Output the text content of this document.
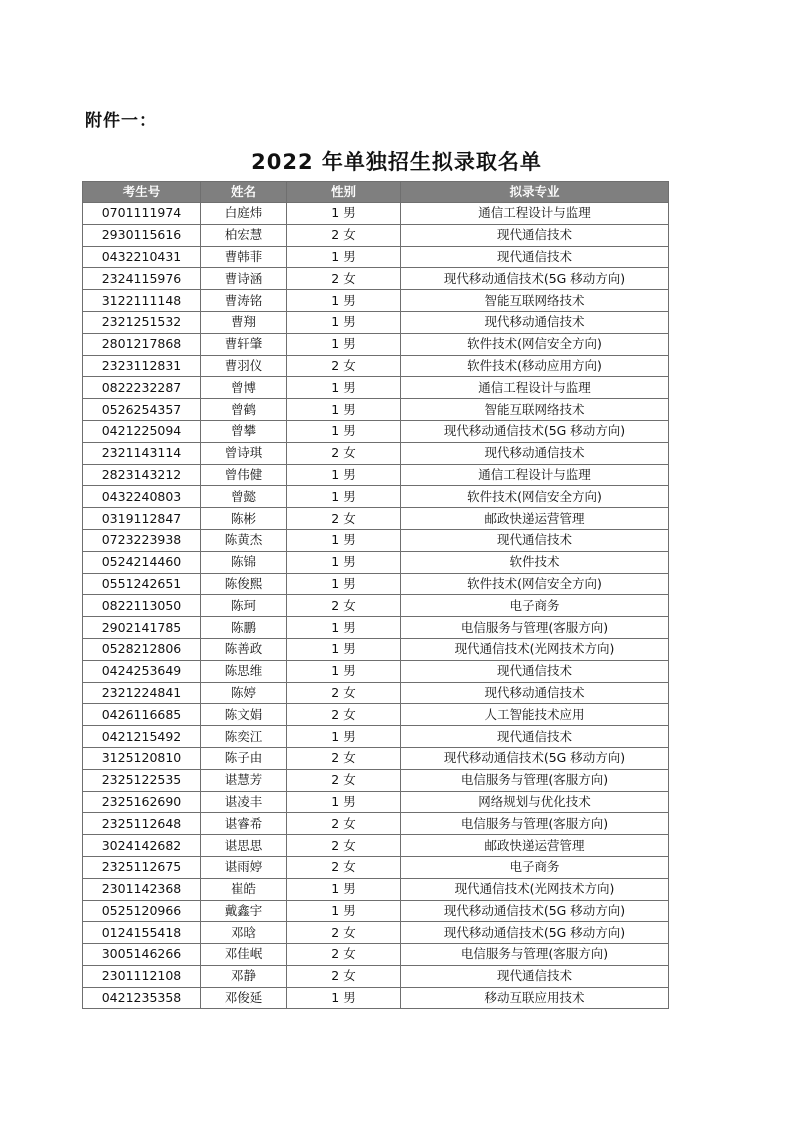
附件一：
2022 年单独招生拟录取名单
考生号	姓名	性别	拟录专业
0701111974	白庭炜	1 男	通信工程设计与监理
2930115616	柏宏慧	2 女	现代通信技术
0432210431	曹韩菲	1 男	现代通信技术
2324115976	曹诗涵	2 女	现代移动通信技术(5G 移动方向)
3122111148	曹涛铭	1 男	智能互联网络技术
2321251532	曹翔	1 男	现代移动通信技术
2801217868	曹轩肇	1 男	软件技术(网信安全方向)
2323112831	曹羽仪	2 女	软件技术(移动应用方向)
0822232287	曾博	1 男	通信工程设计与监理
0526254357	曾鹤	1 男	智能互联网络技术
0421225094	曾攀	1 男	现代移动通信技术(5G 移动方向)
2321143114	曾诗琪	2 女	现代移动通信技术
2823143212	曾伟健	1 男	通信工程设计与监理
0432240803	曾懿	1 男	软件技术(网信安全方向)
0319112847	陈彬	2 女	邮政快递运营管理
0723223938	陈黄杰	1 男	现代通信技术
0524214460	陈锦	1 男	软件技术
0551242651	陈俊熙	1 男	软件技术(网信安全方向)
0822113050	陈珂	2 女	电子商务
2902141785	陈鹏	1 男	电信服务与管理(客服方向)
0528212806	陈善政	1 男	现代通信技术(光网技术方向)
0424253649	陈思维	1 男	现代通信技术
2321224841	陈婷	2 女	现代移动通信技术
0426116685	陈文娟	2 女	人工智能技术应用
0421215492	陈奕江	1 男	现代通信技术
3125120810	陈子由	2 女	现代移动通信技术(5G 移动方向)
2325122535	谌慧芳	2 女	电信服务与管理(客服方向)
2325162690	谌凌丰	1 男	网络规划与优化技术
2325112648	谌睿希	2 女	电信服务与管理(客服方向)
3024142682	谌思思	2 女	邮政快递运营管理
2325112675	谌雨婷	2 女	电子商务
2301142368	崔皓	1 男	现代通信技术(光网技术方向)
0525120966	戴鑫宇	1 男	现代移动通信技术(5G 移动方向)
0124155418	邓晗	2 女	现代移动通信技术(5G 移动方向)
3005146266	邓佳岷	2 女	电信服务与管理(客服方向)
2301112108	邓静	2 女	现代通信技术
0421235358	邓俊延	1 男	移动互联应用技术
